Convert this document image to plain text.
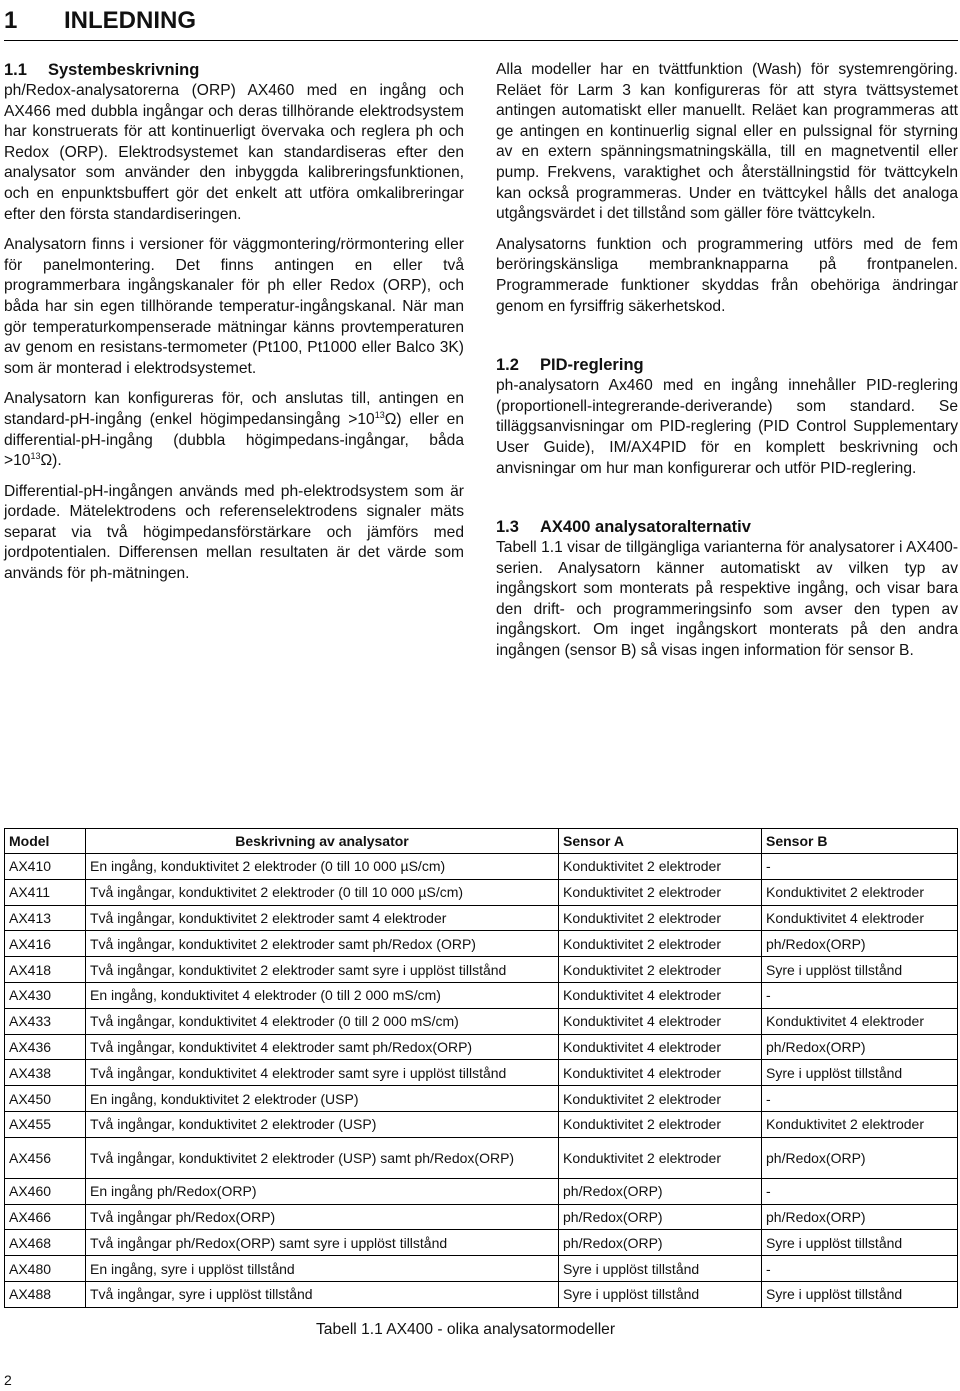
1 INLEDNING
1.1 Systembeskrivning

ph/Redox-analysatorerna (ORP) AX460 med en ingång och AX466 med dubbla ingångar och deras tillhörande elektrodsystem har konstruerats för att kontinuerligt övervaka och reglera ph och Redox (ORP). Elektrodsystemet kan standardiseras efter den analysator som använder den inbyggda kalibreringsfunktionen, och en enpunktsbuffert gör det enkelt att utföra omkalibreringar efter den första standardiseringen.

Analysatorn finns i versioner för väggmontering/rörmontering eller för panelmontering. Det finns antingen en eller två programmerbara ingångskanaler för ph eller Redox (ORP), och båda har sin egen tillhörande temperatur-ingångskanal. När man gör temperaturkompenserade mätningar känns provtemperaturen av genom en resistans-termometer (Pt100, Pt1000 eller Balco 3K) som är monterad i elektrodsystemet.

Analysatorn kan konfigureras för, och anslutas till, antingen en standard-pH-ingång (enkel högimpedansingång $>10^{13}\Omega$) eller en differential-pH-ingång (dubbla högimpedans-ingångar, båda $>10^{13}\Omega$).

Differential-pH-ingången används med ph-elektrodsystem som är jordade. Mätelektrodens och referenselektrodens signaler mäts separat via två högimpedansförstärkare och jämförs med jordpotentialen. Differensen mellan resultaten är det värde som används för ph-mätningen.

Alla modeller har en tvättfunktion (Wash) för systemrengöring. Reläet för Larm 3 kan konfigureras för att styra tvättsystemet antingen automatiskt eller manuellt. Reläet kan programmeras att ge antingen en kontinuerlig signal eller en pulssignal för styrning av en extern spänningsmatningskälla, till en magnetventil eller pump. Frekvens, varaktighet och återställningstid för tvättcykeln kan också programmeras. Under en tvättcykel hålls det analoga utgångsvärdet i det tillstånd som gäller före tvättcykeln.

Analysatorns funktion och programmering utförs med de fem beröringskänsliga membranknapparna på frontpanelen. Programmerade funktioner skyddas från obehöriga ändringar genom en fyrsiffrig säkerhetskod.

1.2 PID-reglering

ph-analysatorn Ax460 med en ingång innehåller PID-reglering (proportionell-integrerande-deriverande) som standard. Se tilläggsanvisningar om PID-reglering (PID Control Supplementary User Guide), IM/AX4PID för en komplett beskrivning och anvisningar om hur man konfigurerar och utför PID-reglering.

1.3 AX400 analysatoralternativ

Tabell 1.1 visar de tillgängliga varianterna för analysatorer i AX400-serien. Analysatorn känner automatiskt av vilken typ av ingångskort som monterats på respektive ingång, och visar bara den drift- och programmeringsinfo som avser den typen av ingångskort. Om inget ingångskort monterats på den andra ingången (sensor B) så visas ingen information för sensor B.

Model	Beskrivning av analysator	Sensor A	Sensor B
AX410	En ingång, konduktivitet 2 elektroder (0 till 10 000 µS/cm)	Konduktivitet 2 elektroder	-
AX411	Två ingångar, konduktivitet 2 elektroder (0 till 10 000 µS/cm)	Konduktivitet 2 elektroder	Konduktivitet 2 elektroder
AX413	Två ingångar, konduktivitet 2 elektroder samt 4 elektroder	Konduktivitet 2 elektroder	Konduktivitet 4 elektroder
AX416	Två ingångar, konduktivitet 2 elektroder samt ph/Redox (ORP)	Konduktivitet 2 elektroder	ph/Redox(ORP)
AX418	Två ingångar, konduktivitet 2 elektroder samt syre i upplöst tillstånd	Konduktivitet 2 elektroder	Syre i upplöst tillstånd
AX430	En ingång, konduktivitet 4 elektroder (0 till 2 000 mS/cm)	Konduktivitet 4 elektroder	-
AX433	Två ingångar, konduktivitet 4 elektroder (0 till 2 000 mS/cm)	Konduktivitet 4 elektroder	Konduktivitet 4 elektroder
AX436	Två ingångar, konduktivitet 4 elektroder samt ph/Redox(ORP)	Konduktivitet 4 elektroder	ph/Redox(ORP)
AX438	Två ingångar, konduktivitet 4 elektroder samt syre i upplöst tillstånd	Konduktivitet 4 elektroder	Syre i upplöst tillstånd
AX450	En ingång, konduktivitet 2 elektroder (USP)	Konduktivitet 2 elektroder	-
AX455	Två ingångar, konduktivitet 2 elektroder (USP)	Konduktivitet 2 elektroder	Konduktivitet 2 elektroder
AX456	Två ingångar, konduktivitet 2 elektroder (USP) samt ph/Redox(ORP)	Konduktivitet 2 elektroder	ph/Redox(ORP)
AX460	En ingång ph/Redox(ORP)	ph/Redox(ORP)	-
AX466	Två ingångar ph/Redox(ORP)	ph/Redox(ORP)	ph/Redox(ORP)
AX468	Två ingångar ph/Redox(ORP) samt syre i upplöst tillstånd	ph/Redox(ORP)	Syre i upplöst tillstånd
AX480	En ingång, syre i upplöst tillstånd	Syre i upplöst tillstånd	-
AX488	Två ingångar, syre i upplöst tillstånd	Syre i upplöst tillstånd	Syre i upplöst tillstånd
Tabell 1.1 AX400 - olika analysatormodeller
2
